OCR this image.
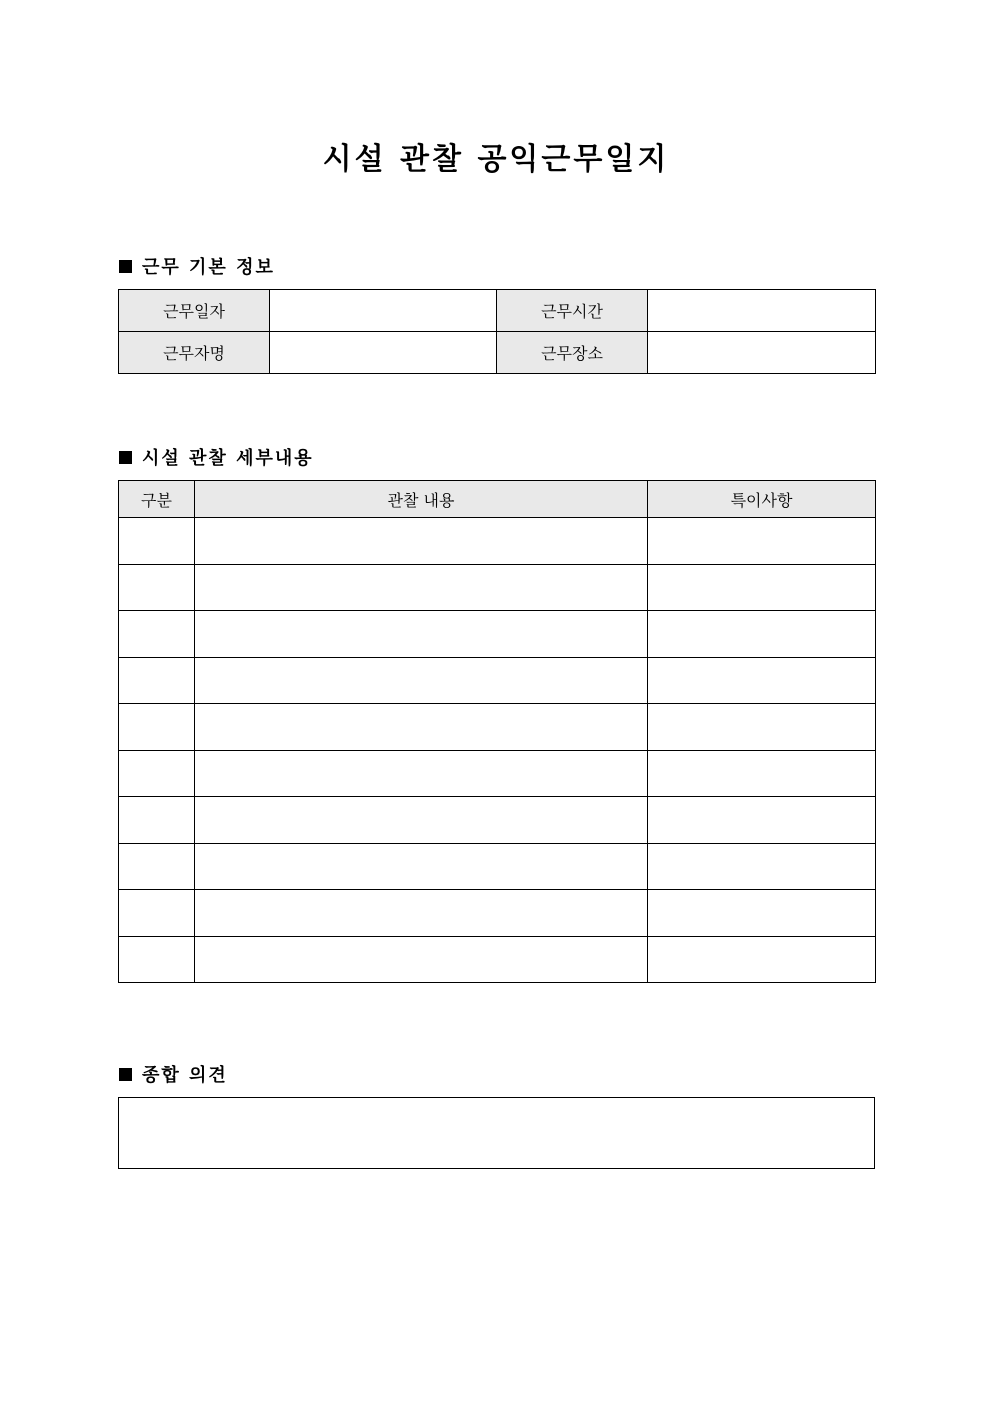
시설 관찰 공익근무일지
근무 기본 정보
근무일자		근무시간	
근무자명		근무장소	
시설 관찰 세부내용
구분	관찰 내용	특이사항

종합 의견
